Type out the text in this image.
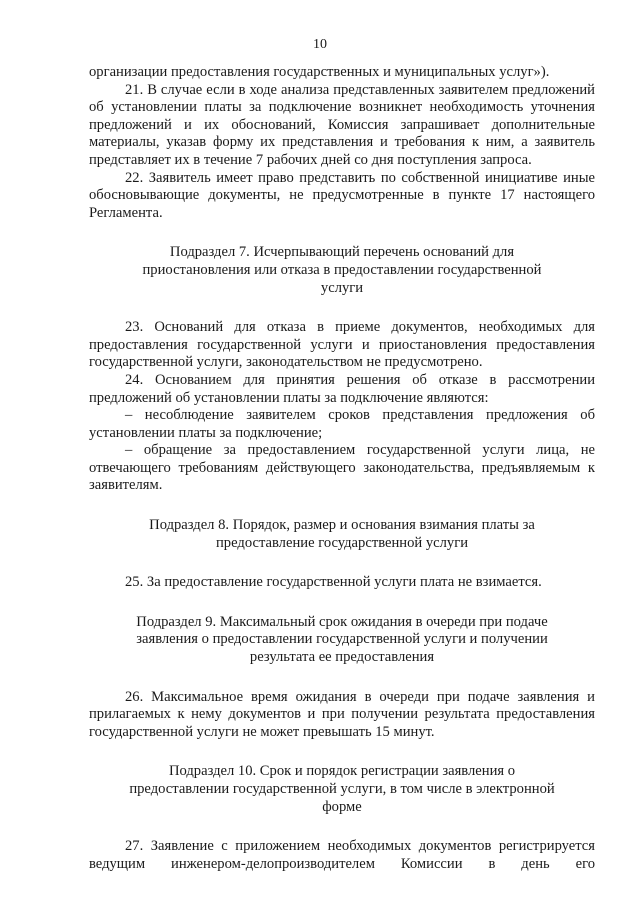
10

организации предоставления государственных и муниципальных услуг»).

21. В случае если в ходе анализа представленных заявителем предложений об установлении платы за подключение возникнет необходимость уточнения предложений и их обоснований, Комиссия запрашивает дополнительные материалы, указав форму их представления и требования к ним, а заявитель представляет их в течение 7 рабочих дней со дня поступления запроса.

22. Заявитель имеет право представить по собственной инициативе иные обосновывающие документы, не предусмотренные в пункте 17 настоящего Регламента.

Подраздел 7. Исчерпывающий перечень оснований для приостановления или отказа в предоставлении государственной услуги

23. Оснований для отказа в приеме документов, необходимых для предоставления государственной услуги и приостановления предоставления государственной услуги, законодательством не предусмотрено.

24. Основанием для принятия решения об отказе в рассмотрении предложений об установлении платы за подключение являются:

– несоблюдение заявителем сроков представления предложения об установлении платы за подключение;

– обращение за предоставлением государственной услуги лица, не отвечающего требованиям действующего законодательства, предъявляемым к заявителям.

Подраздел 8. Порядок, размер и основания взимания платы за предоставление государственной услуги

25. За предоставление государственной услуги плата не взимается.

Подраздел 9. Максимальный срок ожидания в очереди при подаче заявления о предоставлении государственной услуги и получении результата ее предоставления

26. Максимальное время ожидания в очереди при подаче заявления и прилагаемых к нему документов и при получении результата предоставления государственной услуги не может превышать 15 минут.

Подраздел 10. Срок и порядок регистрации заявления о предоставлении государственной услуги, в том числе в электронной форме

27. Заявление с приложением необходимых документов регистрируется ведущим инженером-делопроизводителем Комиссии в день его
